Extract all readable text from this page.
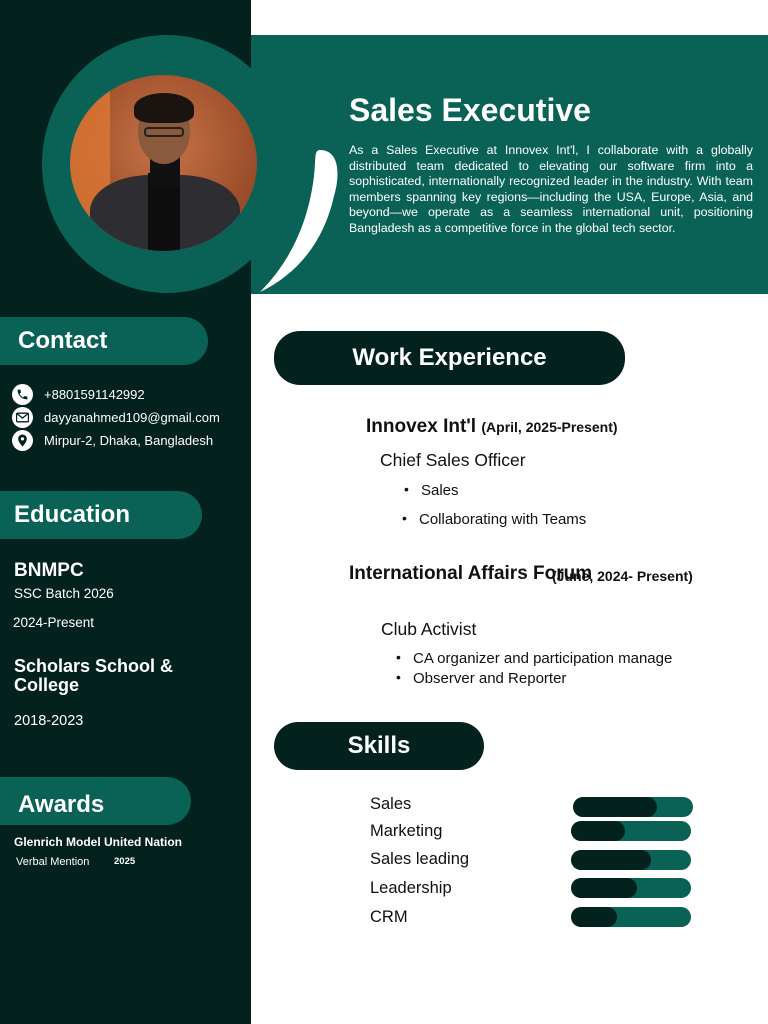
Sales Executive
As a Sales Executive at Innovex Int'l, I collaborate with a globally distributed team dedicated to elevating our software firm into a sophisticated, internationally recognized leader in the industry. With team members spanning key regions—including the USA, Europe, Asia, and beyond—we operate as a seamless international unit, positioning Bangladesh as a competitive force in the global tech sector.
Contact
+8801591142992
dayyanahmed109@gmail.com
Mirpur-2, Dhaka, Bangladesh
Education
BNMPC
SSC Batch 2026
2024-Present
Scholars School & College
2018-2023
Awards
Glenrich Model United Nation
Verbal Mention	2025
Work Experience
Innovex Int'l (April, 2025-Present)
Chief Sales Officer
• Sales
• Collaborating with Teams
International Affairs Forum
(June, 2024- Present)
Club Activist
• CA organizer and participation manage
• Observer and Reporter
Skills
Sales
Marketing
Sales leading
Leadership
CRM
